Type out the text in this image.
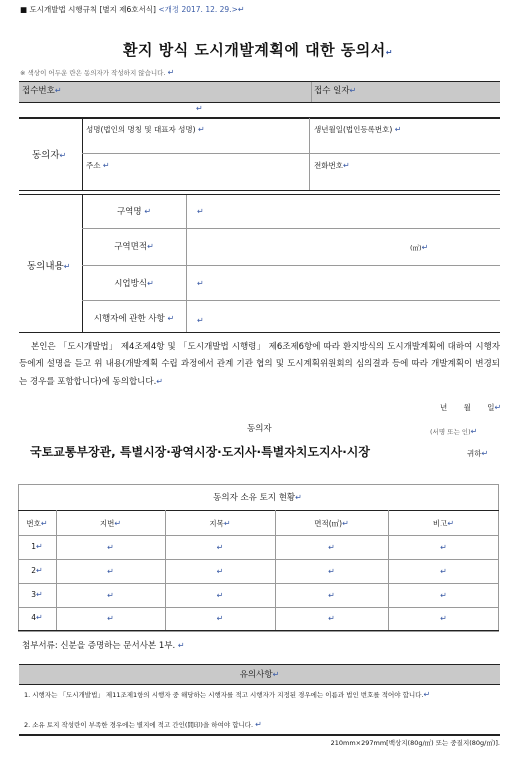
■ 도시개발법 시행규칙 [별지 제6호서식] <개정 2017. 12. 29.>↵
환지 방식 도시개발계획에 대한 동의서↵
※ 색상이 어두운 란은 동의자가 작성하지 않습니다. ↵
접수번호↵	접수 일자↵
↵
동의자↵
성명(법인의 명칭 및 대표자 성명) ↵	생년월일(법인등록번호) ↵
주소 ↵	전화번호↵
동의내용↵
구역명 ↵	↵
구역면적↵	(㎡)↵
시업방식↵	↵
시행자에 관한 사항 ↵	↵
본인은 「도시개발법」 제4조제4항 및 「도시개발법 시행령」 제6조제6항에 따라 환지방식의 도시개발계획에 대하여 시행자 등에게 설명을 듣고 위 내용(개발계획 수립 과정에서 관계 기관 협의 및 도시계획위원회의 심의결과 등에 따라 개발계획이 변경되는 경우를 포함합니다)에 동의합니다.↵
년 월 일↵
동의자	(서명 또는 인)↵
국토교통부장관, 특별시장·광역시장·도지사·특별자치도지사·시장	귀하↵
동의자 소유 토지 현황↵
번호↵	지번↵	지목↵	면적(㎡)↵	비고↵
1↵	↵	↵	↵	↵
2↵	↵	↵	↵	↵
3↵	↵	↵	↵	↵
4↵	↵	↵	↵	↵
첨부서류: 신분을 증명하는 문서사본 1부. ↵
유의사항↵
1. 시행자는 「도시개발법」 제11조제1항의 시행자 중 해당하는 시행자를 적고 시행자가 지정된 경우에는 이름과 법인 번호를 적어야 합니다.↵
2. 소유 토지 작성란이 부족한 경우에는 별지에 적고 간인(間印)을 하여야 합니다. ↵
210mm×297mm[백상지(80g/㎡) 또는 중질지(80g/㎡)].
